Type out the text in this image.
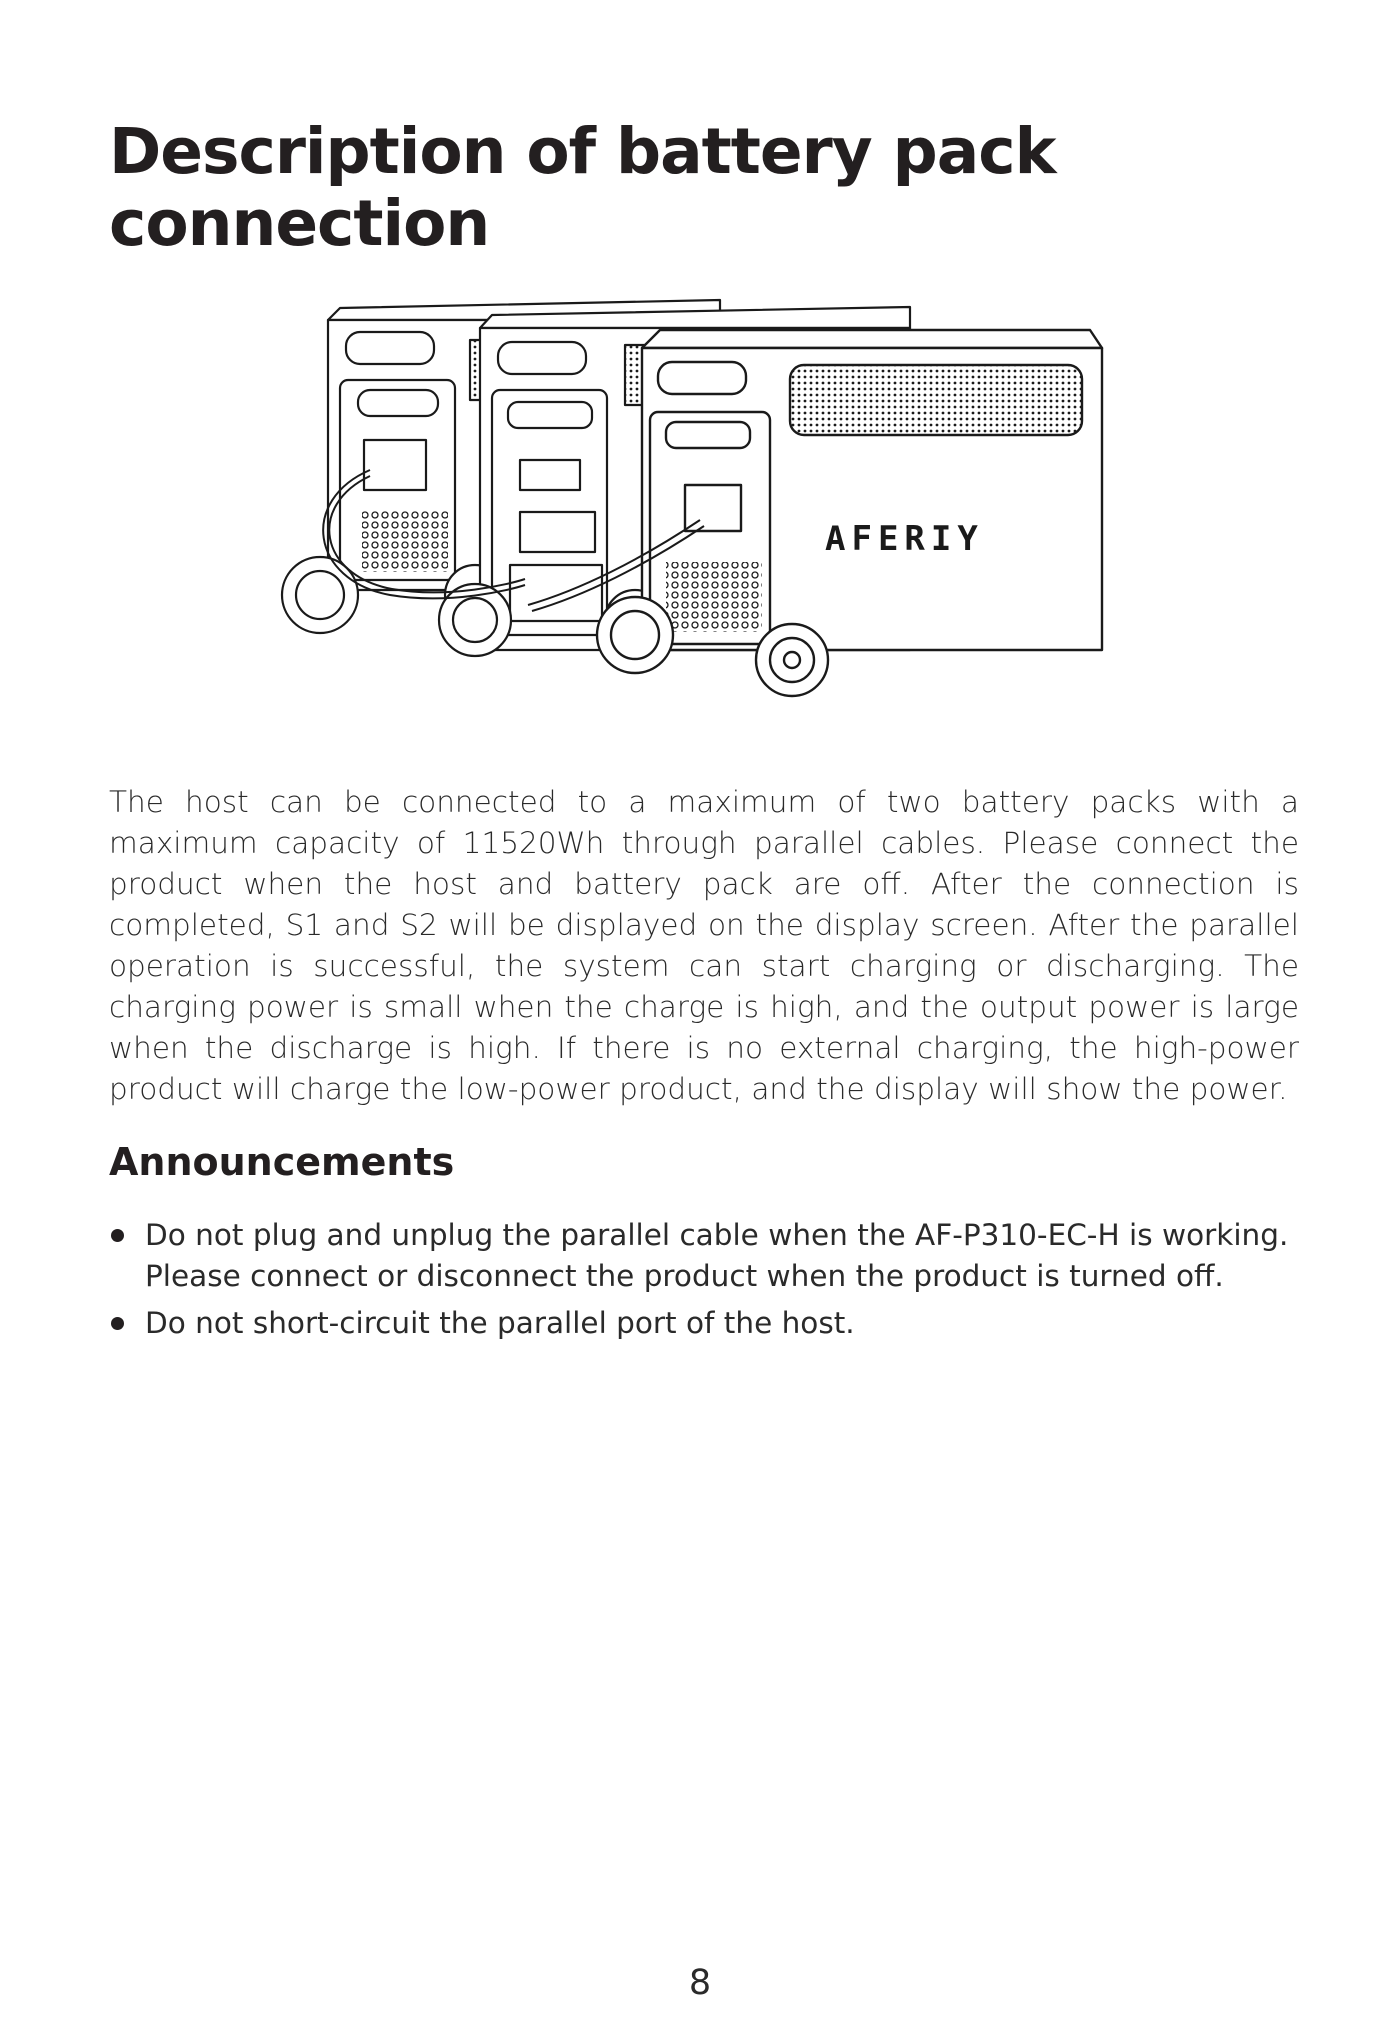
Description of battery pack connection
AFERIY

The host can be connected to a maximum of two battery packs with a maximum capacity of 11520Wh through parallel cables. Please connect the product when the host and battery pack are off. After the connection is completed, S1 and S2 will be displayed on the display screen. After the parallel operation is successful, the system can start charging or discharging. The charging power is small when the charge is high, and the output power is large when the discharge is high. If there is no external charging, the high-power product will charge the low-power product, and the display will show the power.

Announcements
Do not plug and unplug the parallel cable when the AF-P310-EC-H is working. Please connect or disconnect the product when the product is turned off.
Do not short-circuit the parallel port of the host.
8
